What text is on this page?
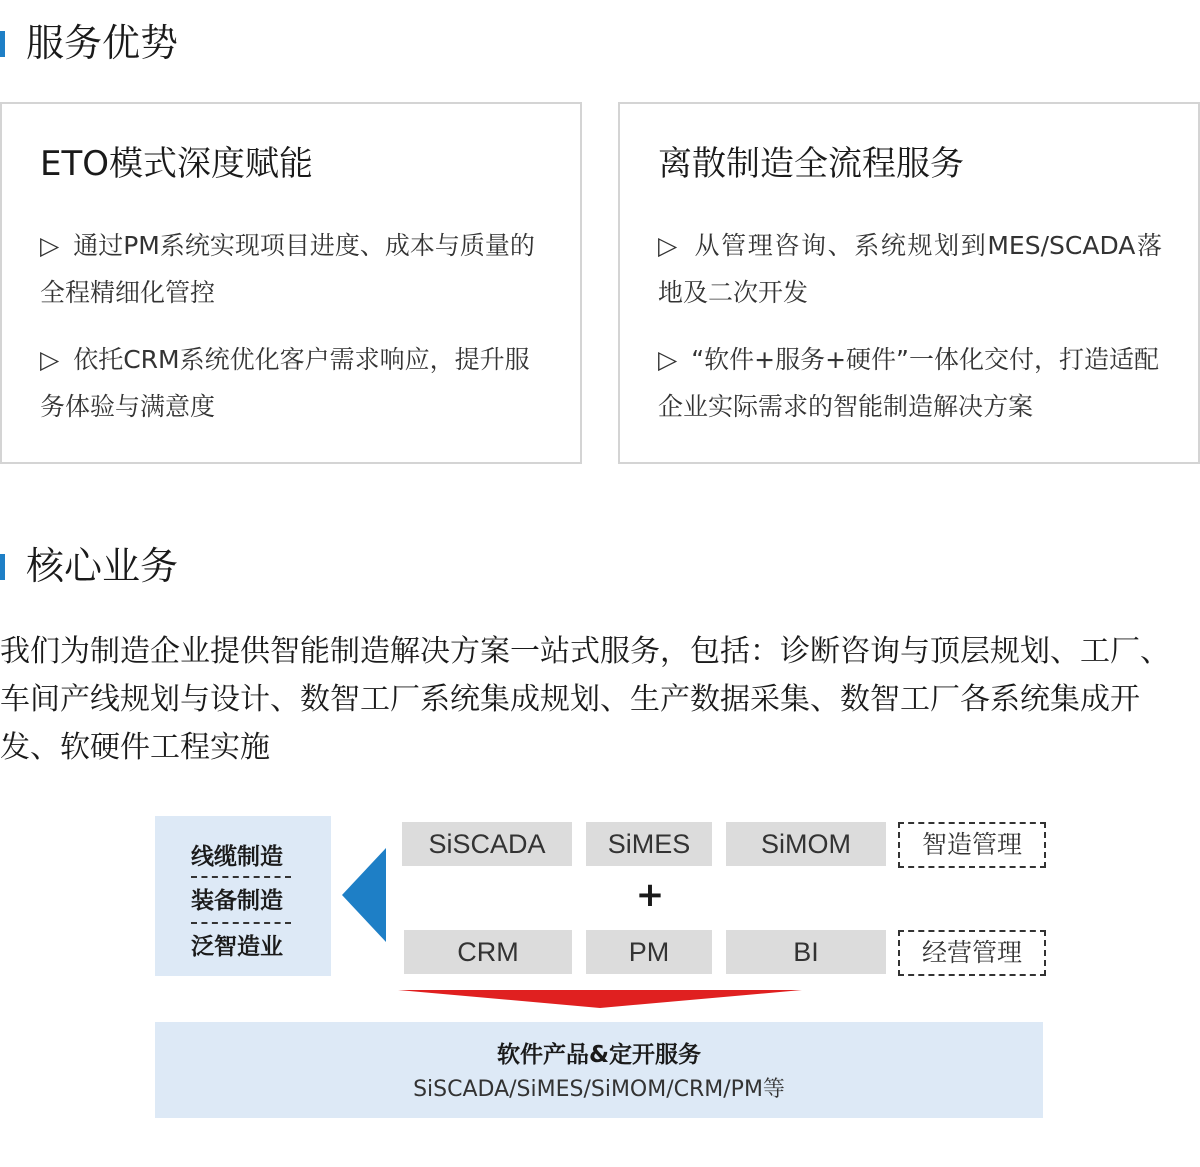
服务优势
ETO模式深度赋能
▷ 通过PM系统实现项目进度、成本与质量的全程精细化管控
▷ 依托CRM系统优化客户需求响应，提升服务体验与满意度
离散制造全流程服务
▷ 从管理咨询、系统规划到MES/SCADA落地及二次开发
▷ “软件+服务+硬件”一体化交付，打造适配企业实际需求的智能制造解决方案
核心业务
我们为制造企业提供智能制造解决方案一站式服务，包括：诊断咨询与顶层规划、工厂、车间产线规划与设计、数智工厂系统集成规划、生产数据采集、数智工厂各系统集成开发、软硬件工程实施
线缆制造
装备制造
泛智造业
SiSCADA	SiMES	SiMOM	智造管理
+
CRM	PM	BI	经营管理
软件产品&定开服务
SiSCADA/SiMES/SiMOM/CRM/PM等
